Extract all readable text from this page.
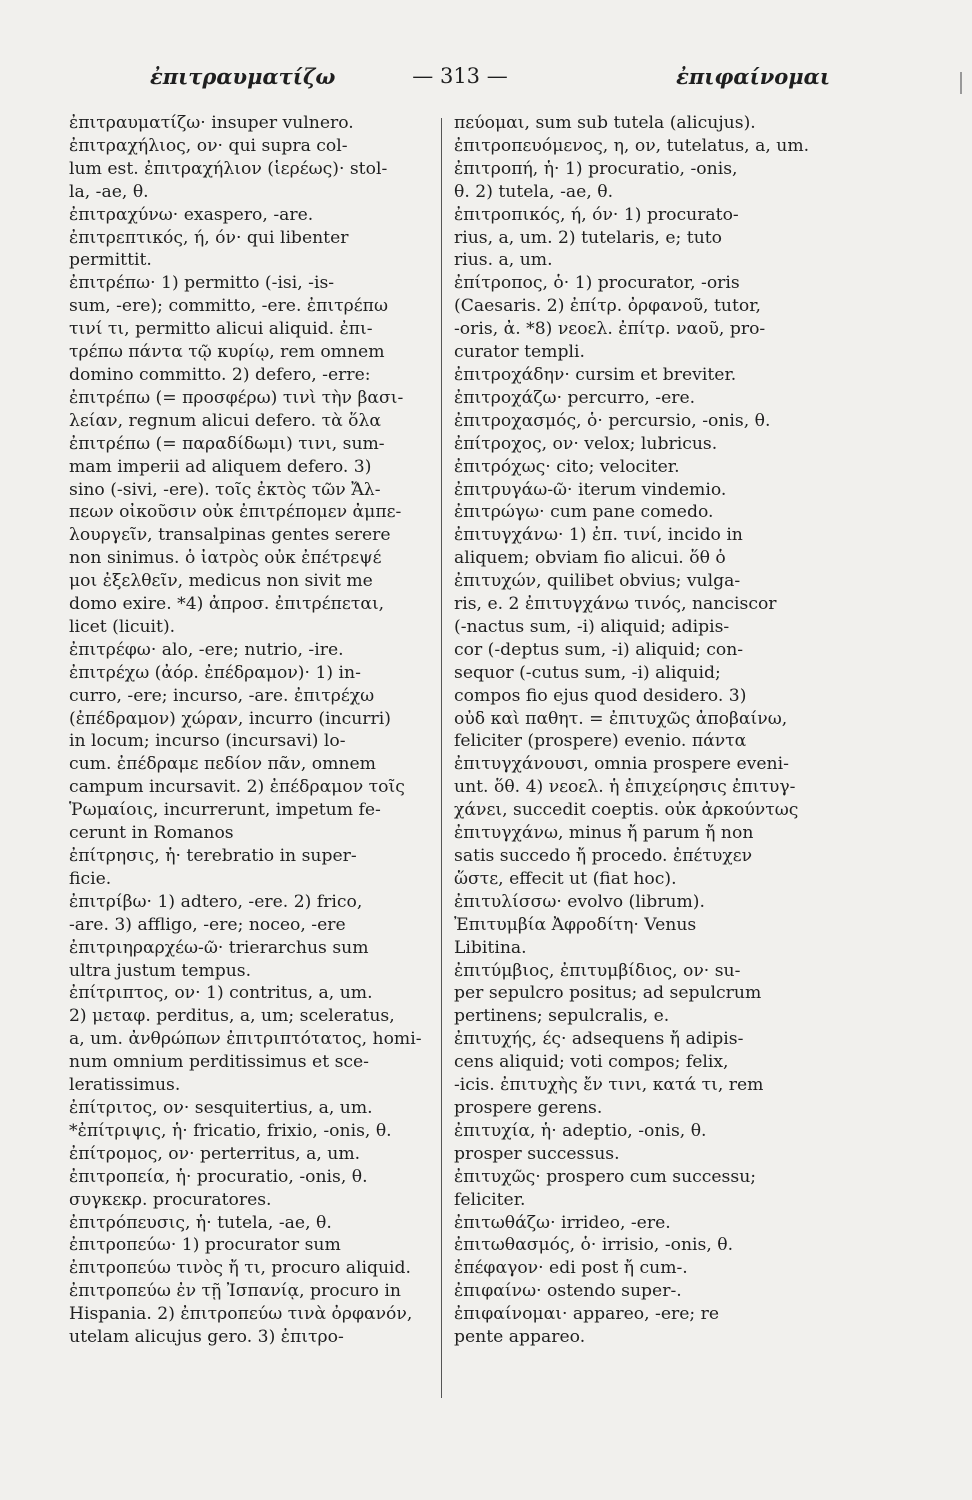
ἐπιτραυματίζω	— 313 —	ἐπιφαίνομαι
ἐπιτραυματίζω· insuper vulnero.
ἐπιτραχήλιος, ον· qui supra col-
lum est. ἐπιτραχήλιον (ἱερέως)· stol-
la, -ae, θ.
ἐπιτραχύνω· exaspero, -are.
ἐπιτρεπτικός, ή, όν· qui libenter
permittit.
ἐπιτρέπω· 1) permitto (-isi, -is-
sum, -ere); committo, -ere. ἐπιτρέπω
τινί τι, permitto alicui aliquid. ἐπι-
τρέπω πάντα τῷ κυρίῳ, rem omnem
domino committo. 2) defero, -erre:
ἐπιτρέπω (= προσφέρω) τινὶ τὴν βασι-
λείαν, regnum alicui defero. τὰ ὅλα
ἐπιτρέπω (= παραδίδωμι) τινι, sum-
mam imperii ad aliquem defero. 3)
sino (-sivi, -ere). τοῖς ἐκτὸς τῶν Ἄλ-
πεων οἰκοῦσιν οὐκ ἐπιτρέπομεν ἀμπε-
λουργεῖν, transalpinas gentes serere
non sinimus. ὁ ἰατρὸς οὐκ ἐπέτρεψέ
μοι ἐξελθεῖν, medicus non sivit me
domo exire. *4) ἀπροσ. ἐπιτρέπεται,
licet (licuit).
ἐπιτρέφω· alo, -ere; nutrio, -ire.
ἐπιτρέχω (ἀόρ. ἐπέδραμον)· 1) in-
curro, -ere; incurso, -are. ἐπιτρέχω
(ἐπέδραμον) χώραν, incurro (incurri)
in locum; incurso (incursavi) lo-
cum. ἐπέδραμε πεδίον πᾶν, omnem
campum incursavit. 2) ἐπέδραμον τοῖς
Ῥωμαίοις, incurrerunt, impetum fe-
cerunt in Romanos
ἐπίτρησις, ἡ· terebratio in super-
ficie.
ἐπιτρίβω· 1) adtero, -ere. 2) frico,
-are. 3) affligo, -ere; noceo, -ere
ἐπιτριηραρχέω-ῶ· trierarchus sum
ultra justum tempus.
ἐπίτριπτος, ον· 1) contritus, a, um.
2) μεταφ. perditus, a, um; sceleratus,
a, um. ἀνθρώπων ἐπιτριπτότατος, homi-
num omnium perditissimus et sce-
leratissimus.
ἐπίτριτος, ον· sesquitertius, a, um.
*ἐπίτριψις, ἡ· fricatio, frixio, -onis, θ.
ἐπίτρομος, ον· perterritus, a, um.
ἐπιτροπεία, ἡ· procuratio, -onis, θ.
συγκεκρ. procuratores.
ἐπιτρόπευσις, ἡ· tutela, -ae, θ.
ἐπιτροπεύω· 1) procurator sum
ἐπιτροπεύω τινὸς ἤ τι, procuro aliquid.
ἐπιτροπεύω ἐν τῇ Ἰσπανίᾳ, procuro in
Hispania. 2) ἐπιτροπεύω τινὰ ὀρφανόν,
utelam alicujus gero. 3) ἐπιτρο-
πεύομαι, sum sub tutela (alicujus).
ἐπιτροπευόμενος, η, ον, tutelatus, a, um.
ἐπιτροπή, ἡ· 1) procuratio, -onis,
θ. 2) tutela, -ae, θ.
ἐπιτροπικός, ή, όν· 1) procurato-
rius, a, um. 2) tutelaris, e; tuto
rius. a, um.
ἐπίτροπος, ὁ· 1) procurator, -oris
(Caesaris. 2) ἐπίτρ. ὀρφανοῦ, tutor,
-oris, ἀ. *8) νεοελ. ἐπίτρ. ναοῦ, pro-
curator templi.
ἐπιτροχάδην· cursim et breviter.
ἐπιτροχάζω· percurro, -ere.
ἐπιτροχασμός, ὁ· percursio, -onis, θ.
ἐπίτροχος, ον· velox; lubricus.
ἐπιτρόχως· cito; velociter.
ἐπιτρυγάω-ῶ· iterum vindemio.
ἐπιτρώγω· cum pane comedo.
ἐπιτυγχάνω· 1) ἐπ. τινί, incido in
aliquem; obviam fio alicui. ὅθ ὁ
ἐπιτυχών, quilibet obvius; vulga-
ris, e. 2 ἐπιτυγχάνω τινός, nanciscor
(-nactus sum, -i) aliquid; adipis-
cor (-deptus sum, -i) aliquid; con-
sequor (-cutus sum, -i) aliquid;
compos fio ejus quod desidero. 3)
οὐδ καὶ παθητ. = ἐπιτυχῶς ἀποβαίνω,
feliciter (prospere) evenio. πάντα
ἐπιτυγχάνουσι, omnia prospere eveni-
unt. ὅθ. 4) νεοελ. ἡ ἐπιχείρησις ἐπιτυγ-
χάνει, succedit coeptis. οὐκ ἀρκούντως
ἐπιτυγχάνω, minus ἤ parum ἤ non
satis succedo ἤ procedo. ἐπέτυχεν
ὥστε, effecit ut (fiat hoc).
ἐπιτυλίσσω· evolvo (librum).
Ἐπιτυμβία Ἀφροδίτη· Venus
Libitina.
ἐπιτύμβιος, ἐπιτυμβίδιος, ον· su-
per sepulcro positus; ad sepulcrum
pertinens; sepulcralis, e.
ἐπιτυχής, ές· adsequens ἤ adipis-
cens aliquid; voti compos; felix,
-icis. ἐπιτυχὴς ἔν τινι, κατά τι, rem
prospere gerens.
ἐπιτυχία, ἡ· adeptio, -onis, θ.
prosper successus.
ἐπιτυχῶς· prospero cum successu;
feliciter.
ἐπιτωθάζω· irrideo, -ere.
ἐπιτωθασμός, ὁ· irrisio, -onis, θ.
ἐπέφαγον· edi post ἤ cum-.
ἐπιφαίνω· ostendo super-.
ἐπιφαίνομαι· appareo, -ere; re
pente appareo.
